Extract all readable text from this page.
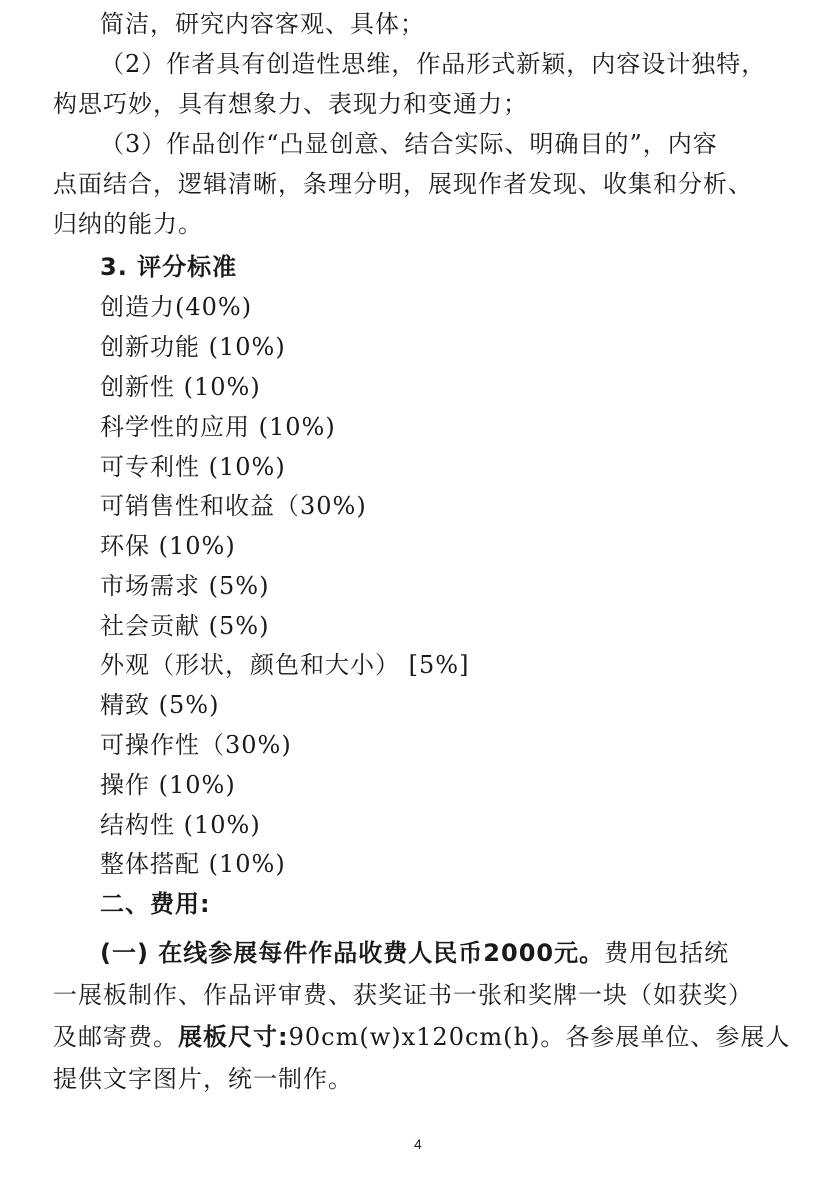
简洁，研究内容客观、具体；
（2）作者具有创造性思维，作品形式新颖，内容设计独特，
构思巧妙，具有想象力、表现力和变通力；
（3）作品创作“凸显创意、结合实际、明确目的”，内容
点面结合，逻辑清晰，条理分明，展现作者发现、收集和分析、
归纳的能力。
3. 评分标准
创造力(40%)
创新功能 (10%)
创新性 (10%)
科学性的应用 (10%)
可专利性 (10%)
可销售性和收益（30%)
环保 (10%)
市场需求 (5%)
社会贡献 (5%)
外观（形状，颜色和大小） [5%]
精致 (5%)
可操作性（30%)
操作 (10%)
结构性 (10%)
整体搭配 (10%)
二、费用:
(一) 在线参展每件作品收费人民币2000元。费用包括统
一展板制作、作品评审费、获奖证书一张和奖牌一块（如获奖）
及邮寄费。展板尺寸:90cm(w)x120cm(h)。各参展单位、参展人
提供文字图片，统一制作。
4
